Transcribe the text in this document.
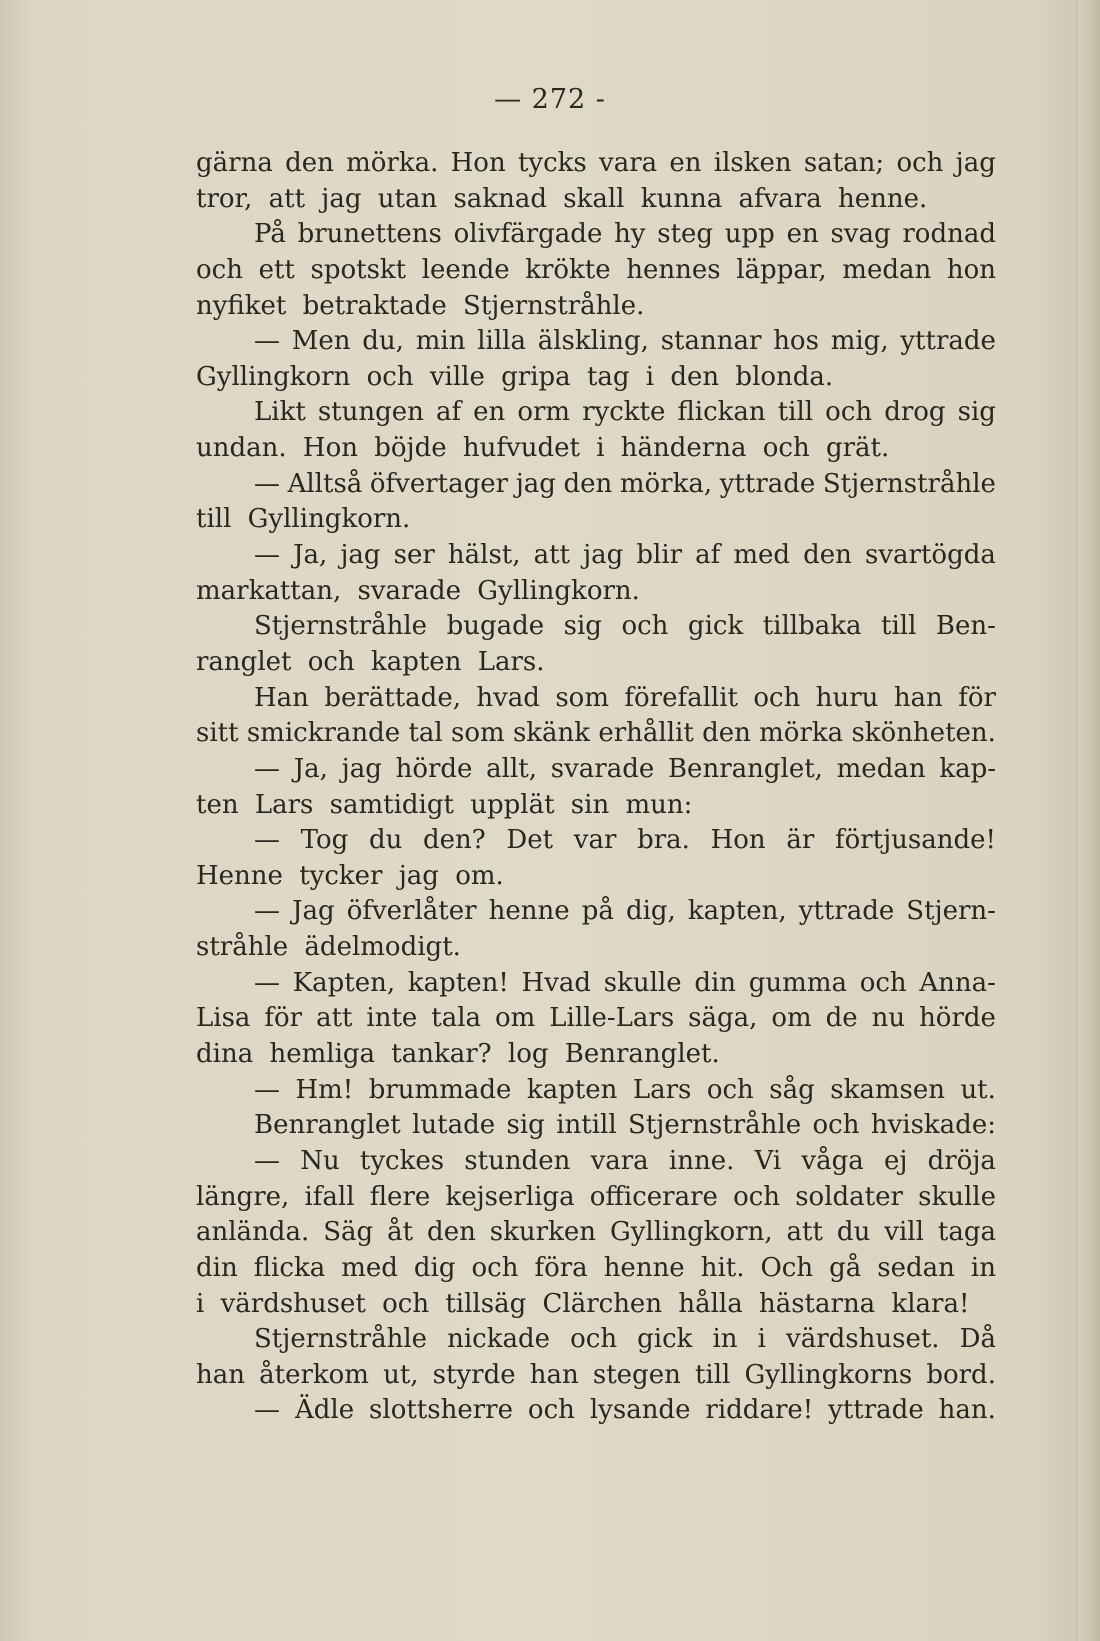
— 272 -
gärna den mörka. Hon tycks vara en ilsken satan; och jag
tror, att jag utan saknad skall kunna afvara henne.
På brunettens olivfärgade hy steg upp en svag rodnad
och ett spotskt leende krökte hennes läppar, medan hon
nyfiket betraktade Stjernstråhle.
— Men du, min lilla älskling, stannar hos mig, yttrade
Gyllingkorn och ville gripa tag i den blonda.
Likt stungen af en orm ryckte flickan till och drog sig
undan. Hon böjde hufvudet i händerna och grät.
— Alltså öfvertager jag den mörka, yttrade Stjernstråhle
till Gyllingkorn.
— Ja, jag ser hälst, att jag blir af med den svartögda
markattan, svarade Gyllingkorn.
Stjernstråhle bugade sig och gick tillbaka till Ben-
ranglet och kapten Lars.
Han berättade, hvad som förefallit och huru han för
sitt smickrande tal som skänk erhållit den mörka skönheten.
— Ja, jag hörde allt, svarade Benranglet, medan kap-
ten Lars samtidigt upplät sin mun:
— Tog du den? Det var bra. Hon är förtjusande!
Henne tycker jag om.
— Jag öfverlåter henne på dig, kapten, yttrade Stjern-
stråhle ädelmodigt.
— Kapten, kapten! Hvad skulle din gumma och Anna-
Lisa för att inte tala om Lille-Lars säga, om de nu hörde
dina hemliga tankar? log Benranglet.
— Hm! brummade kapten Lars och såg skamsen ut.
Benranglet lutade sig intill Stjernstråhle och hviskade:
— Nu tyckes stunden vara inne. Vi våga ej dröja
längre, ifall flere kejserliga officerare och soldater skulle
anlända. Säg åt den skurken Gyllingkorn, att du vill taga
din flicka med dig och föra henne hit. Och gå sedan in
i värdshuset och tillsäg Clärchen hålla hästarna klara!
Stjernstråhle nickade och gick in i värdshuset. Då
han återkom ut, styrde han stegen till Gyllingkorns bord.
— Ädle slottsherre och lysande riddare! yttrade han.
